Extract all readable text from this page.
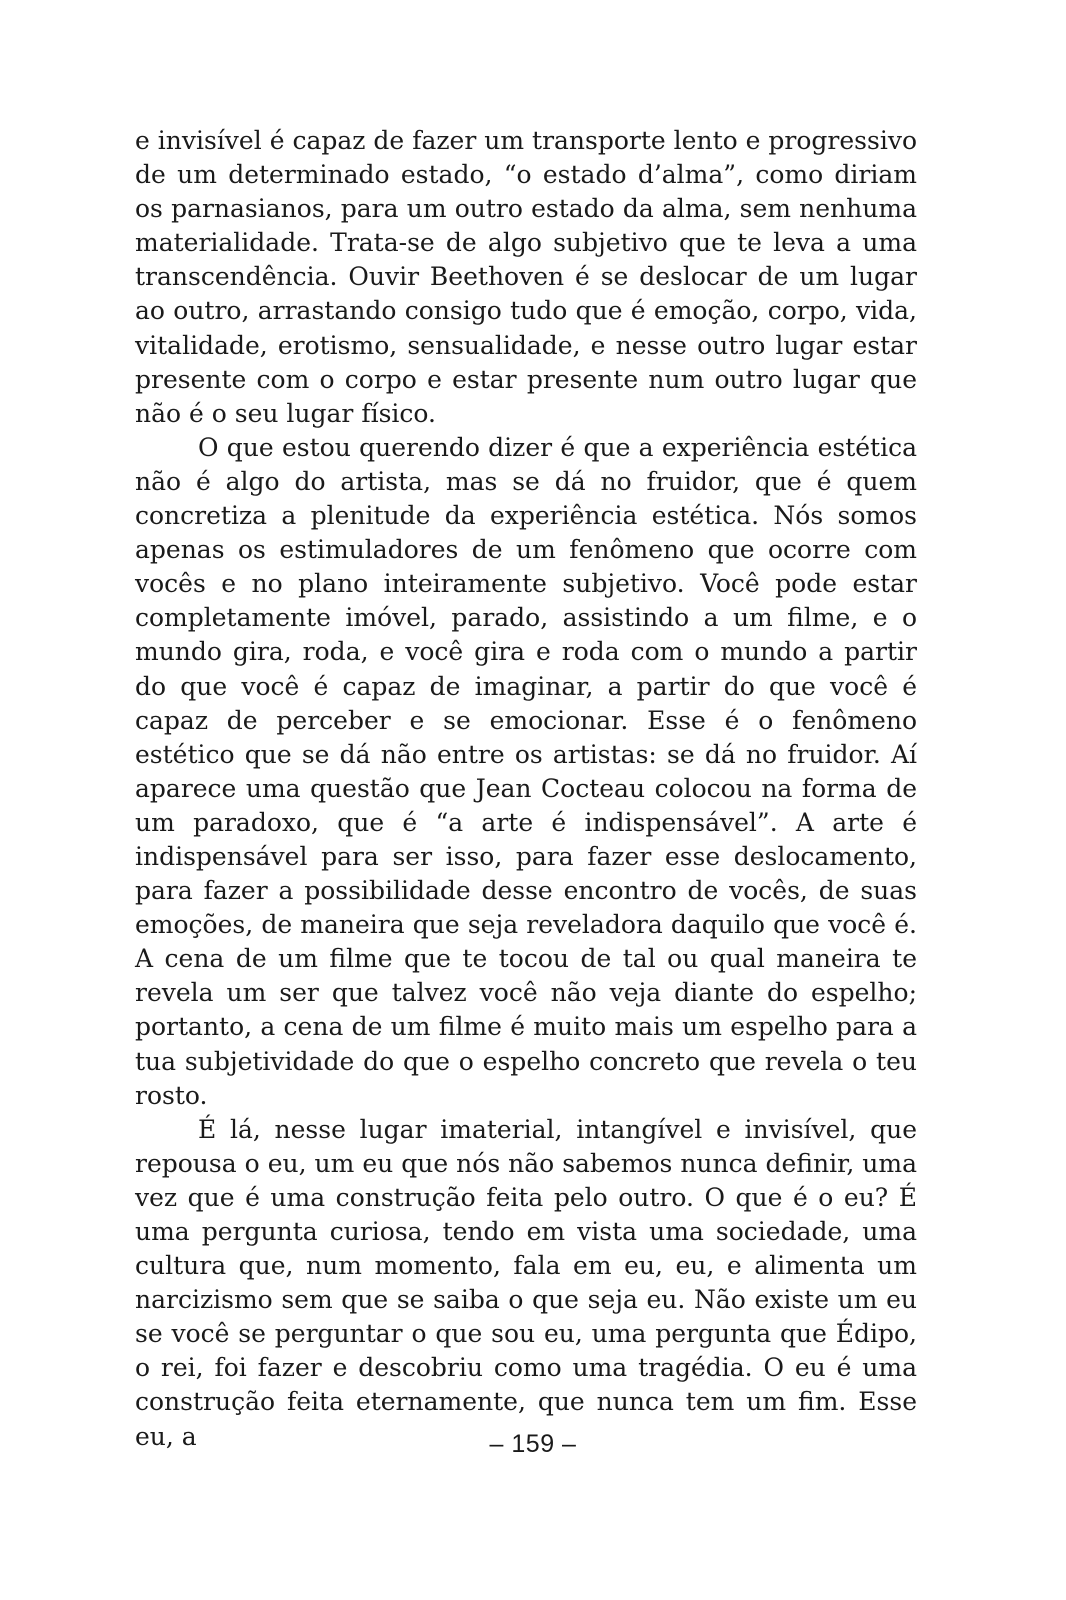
e invisível é capaz de fazer um transporte lento e progressivo de um determinado estado, “o estado d’alma”, como diriam os parnasianos, para um outro estado da alma, sem nenhuma materialidade. Trata-se de algo subjetivo que te leva a uma transcendência. Ouvir Beethoven é se deslocar de um lugar ao outro, arrastando consigo tudo que é emoção, corpo, vida, vitalidade, erotismo, sensualidade, e nesse outro lugar estar presente com o corpo e estar presente num outro lugar que não é o seu lugar físico.

O que estou querendo dizer é que a experiência estética não é algo do artista, mas se dá no fruidor, que é quem concretiza a plenitude da experiência estética. Nós somos apenas os estimuladores de um fenômeno que ocorre com vocês e no plano inteiramente subjetivo. Você pode estar completamente imóvel, parado, assistindo a um filme, e o mundo gira, roda, e você gira e roda com o mundo a partir do que você é capaz de imaginar, a partir do que você é capaz de perceber e se emocionar. Esse é o fenômeno estético que se dá não entre os artistas: se dá no fruidor. Aí aparece uma questão que Jean Cocteau colocou na forma de um paradoxo, que é “a arte é indispensável”. A arte é indispensável para ser isso, para fazer esse deslocamento, para fazer a possibilidade desse encontro de vocês, de suas emoções, de maneira que seja reveladora daquilo que você é. A cena de um filme que te tocou de tal ou qual maneira te revela um ser que talvez você não veja diante do espelho; portanto, a cena de um filme é muito mais um espelho para a tua subjetividade do que o espelho concreto que revela o teu rosto.

É lá, nesse lugar imaterial, intangível e invisível, que repousa o eu, um eu que nós não sabemos nunca definir, uma vez que é uma construção feita pelo outro. O que é o eu? É uma pergunta curiosa, tendo em vista uma sociedade, uma cultura que, num momento, fala em eu, eu, e alimenta um narcizismo sem que se saiba o que seja eu. Não existe um eu se você se perguntar o que sou eu, uma pergunta que Édipo, o rei, foi fazer e descobriu como uma tragédia. O eu é uma construção feita eternamente, que nunca tem um fim. Esse eu, a	– 159 –
